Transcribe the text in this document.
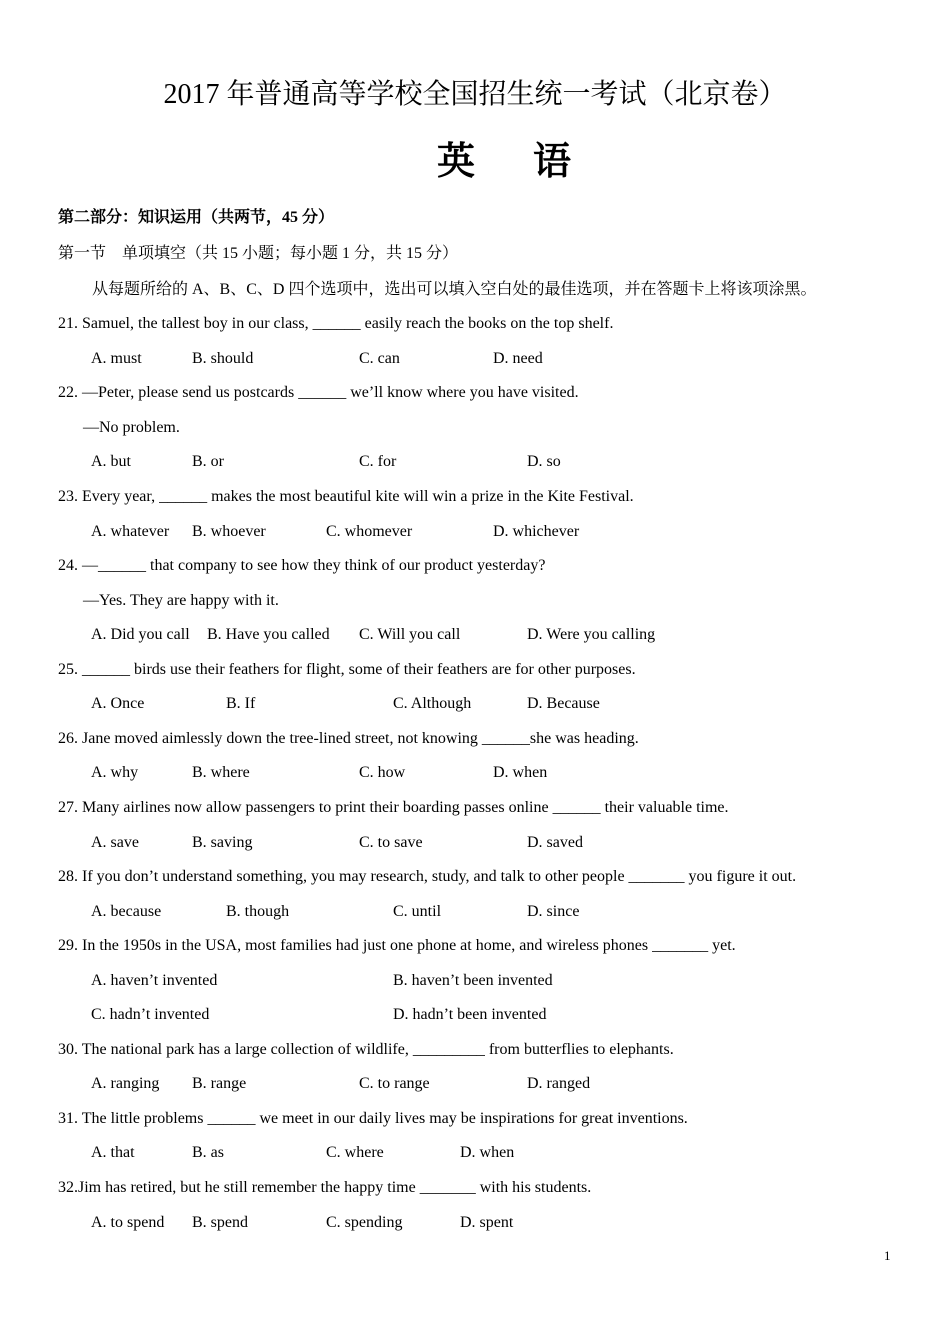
2017 年普通高等学校全国招生统一考试（北京卷）
英　语
第二部分：知识运用（共两节，45 分）
第一节　单项填空（共 15 小题；每小题 1 分，共 15 分）
从每题所给的 A、B、C、D 四个选项中，选出可以填入空白处的最佳选项，并在答题卡上将该项涂黑。
21. Samuel, the tallest boy in our class, ______ easily reach the books on the top shelf.
A. must	B. should	C. can	D. need
22. —Peter, please send us postcards ______ we’ll know where you have visited.
—No problem.
A. but	B. or	C. for	D. so
23. Every year, ______ makes the most beautiful kite will win a prize in the Kite Festival.
A. whatever B. whoever	C. whomever	D. whichever
24. —______ that company to see how they think of our product yesterday?
—Yes. They are happy with it.
A. Did you call B. Have you called C. Will you call	D. Were you calling
25. ______ birds use their feathers for flight, some of their feathers are for other purposes.
A. Once	B. If	C. Although	D. Because
26. Jane moved aimlessly down the tree-lined street, not knowing ______she was heading.
A. why	B. where	C. how	D. when
27. Many airlines now allow passengers to print their boarding passes online ______ their valuable time.
A. save	B. saving	C. to save	D. saved
28. If you don’t understand something, you may research, study, and talk to other people _______ you figure it out.
A. because	B. though	C. until	D. since
29. In the 1950s in the USA, most families had just one phone at home, and wireless phones _______ yet.
A. haven’t invented	B. haven’t been invented
C. hadn’t invented	D. hadn’t been invented
30. The national park has a large collection of wildlife, _________ from butterflies to elephants.
A. ranging B. range	C. to range	D. ranged
31. The little problems ______ we meet in our daily lives may be inspirations for great inventions.
A. that	B. as	C. where	D. when
32.Jim has retired, but he still remember the happy time _______ with his students.
A. to spend B. spend	C. spending	D. spent
1
